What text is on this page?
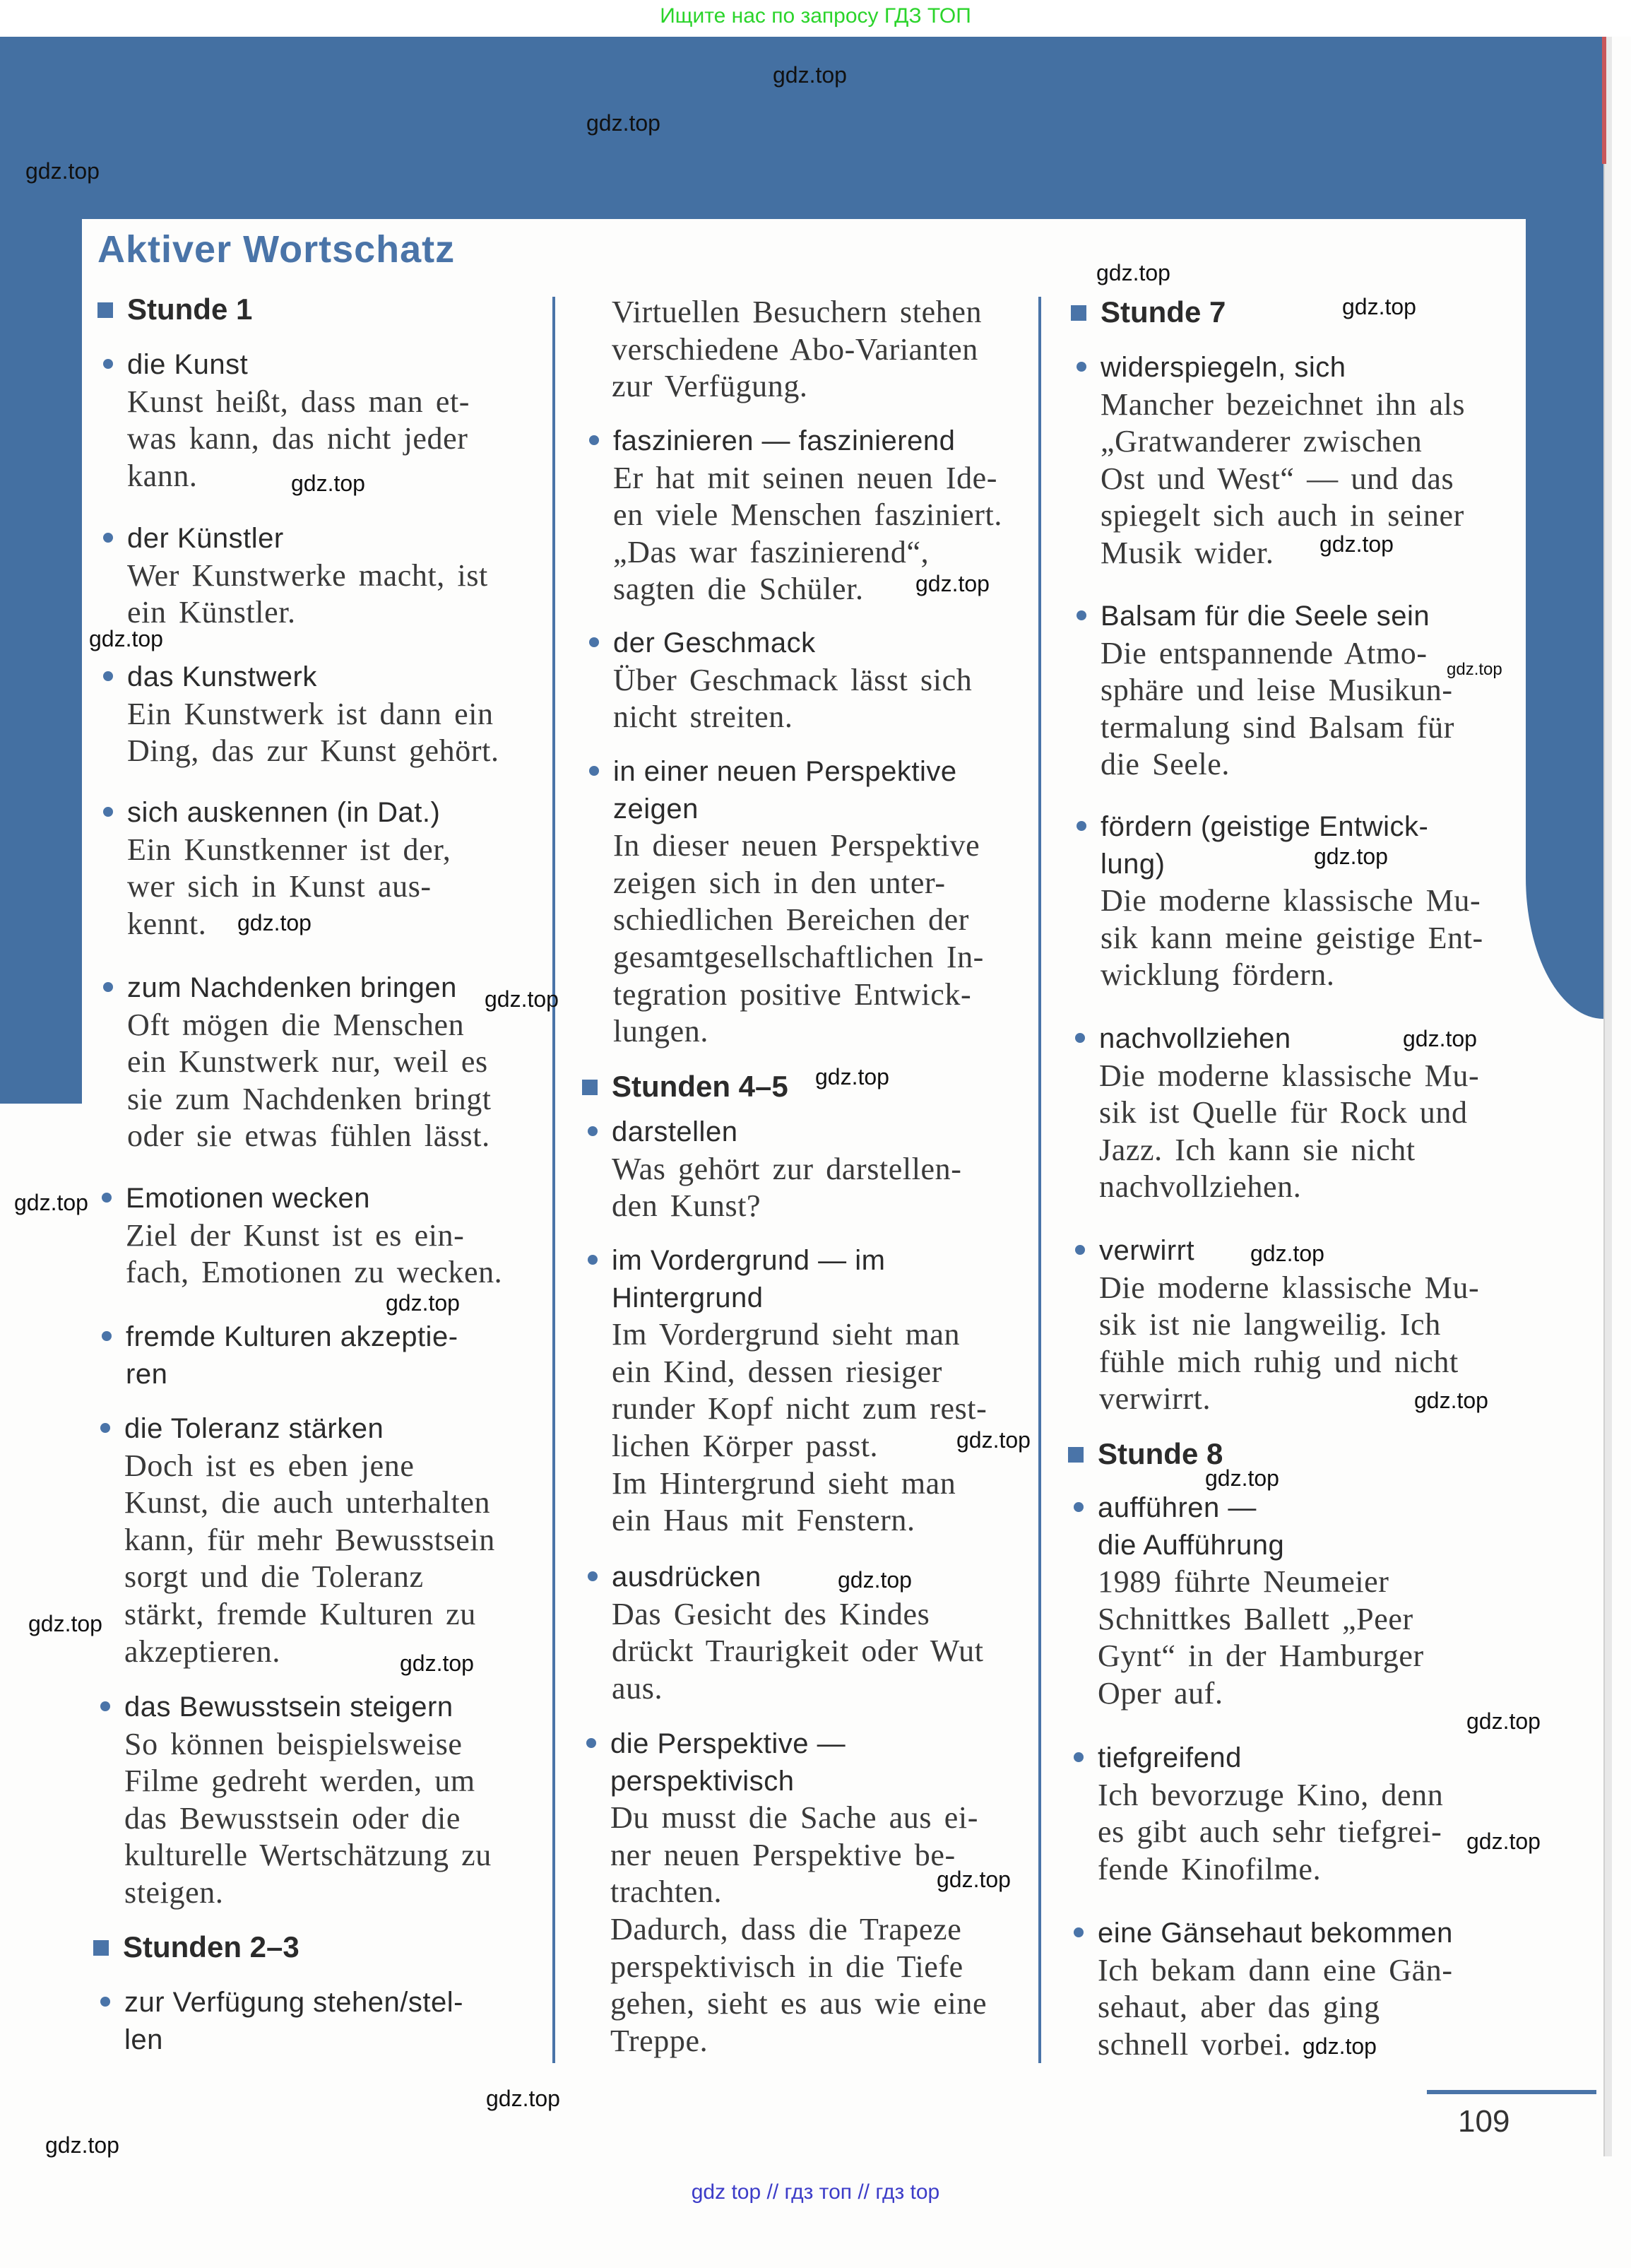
Ищите нас по запросу ГДЗ ТОП
Aktiver Wortschatz
Stunde 1
Stunden 2–3
Stunden 4–5
Stunde 7
Stunde 8
die Kunst
Kunst heißt, dass man et-
was kann, das nicht jeder
kann.
der Künstler
Wer Kunstwerke macht, ist
ein Künstler.
das Kunstwerk
Ein Kunstwerk ist dann ein
Ding, das zur Kunst gehört.
sich auskennen (in Dat.)
Ein Kunstkenner ist der,
wer sich in Kunst aus-
kennt.
zum Nachdenken bringen
Oft mögen die Menschen
ein Kunstwerk nur, weil es
sie zum Nachdenken bringt
oder sie etwas fühlen lässt.
Emotionen wecken
Ziel der Kunst ist es ein-
fach, Emotionen zu wecken.
fremde Kulturen akzeptie-
ren
die Toleranz stärken
Doch ist es eben jene
Kunst, die auch unterhalten
kann, für mehr Bewusstsein
sorgt und die Toleranz
stärkt, fremde Kulturen zu
akzeptieren.
das Bewusstsein steigern
So können beispielsweise
Filme gedreht werden, um
das Bewusstsein oder die
kulturelle Wertschätzung zu
steigen.
zur Verfügung stehen/stel-
len
Virtuellen Besuchern stehen
verschiedene Abo-Varianten
zur Verfügung.
faszinieren — faszinierend
Er hat mit seinen neuen Ide-
en viele Menschen fasziniert.
„Das war faszinierend“,
sagten die Schüler.
der Geschmack
Über Geschmack lässt sich
nicht streiten.
in einer neuen Perspektive
zeigen
In dieser neuen Perspektive
zeigen sich in den unter-
schiedlichen Bereichen der
gesamtgesellschaftlichen In-
tegration positive Entwick-
lungen.
darstellen
Was gehört zur darstellen-
den Kunst?
im Vordergrund — im
Hintergrund
Im Vordergrund sieht man
ein Kind, dessen riesiger
runder Kopf nicht zum rest-
lichen Körper passt.
Im Hintergrund sieht man
ein Haus mit Fenstern.
ausdrücken
Das Gesicht des Kindes
drückt Traurigkeit oder Wut
aus.
die Perspektive —
perspektivisch
Du musst die Sache aus ei-
ner neuen Perspektive be-
trachten.
Dadurch, dass die Trapeze
perspektivisch in die Tiefe
gehen, sieht es aus wie eine
Treppe.
widerspiegeln, sich
Mancher bezeichnet ihn als
„Gratwanderer zwischen
Ost und West“ — und das
spiegelt sich auch in seiner
Musik wider.
Balsam für die Seele sein
Die entspannende Atmo-
sphäre und leise Musikun-
termalung sind Balsam für
die Seele.
fördern (geistige Entwick-
lung)
Die moderne klassische Mu-
sik kann meine geistige Ent-
wicklung fördern.
nachvollziehen
Die moderne klassische Mu-
sik ist Quelle für Rock und
Jazz. Ich kann sie nicht
nachvollziehen.
verwirrt
Die moderne klassische Mu-
sik ist nie langweilig. Ich
fühle mich ruhig und nicht
verwirrt.
aufführen —
die Aufführung
1989 führte Neumeier
Schnittkes Ballett „Peer
Gynt“ in der Hamburger
Oper auf.
tiefgreifend
Ich bevorzuge Kino, denn
es gibt auch sehr tiefgrei-
fende Kinofilme.
eine Gänsehaut bekommen
Ich bekam dann eine Gän-
sehaut, aber das ging
schnell vorbei.
gdz.top
gdz.top
gdz.top
gdz.top
gdz.top
gdz.top
gdz.top
gdz.top
gdz.top
gdz.top
gdz.top
gdz.top
gdz.top
gdz.top
gdz.top
gdz.top
gdz.top
gdz.top
gdz.top
gdz.top
gdz.top
gdz.top
gdz.top
gdz.top
gdz.top
gdz.top
gdz.top
gdz.top
gdz.top
gdz.top
109
gdz top // гдз топ // гдз top
